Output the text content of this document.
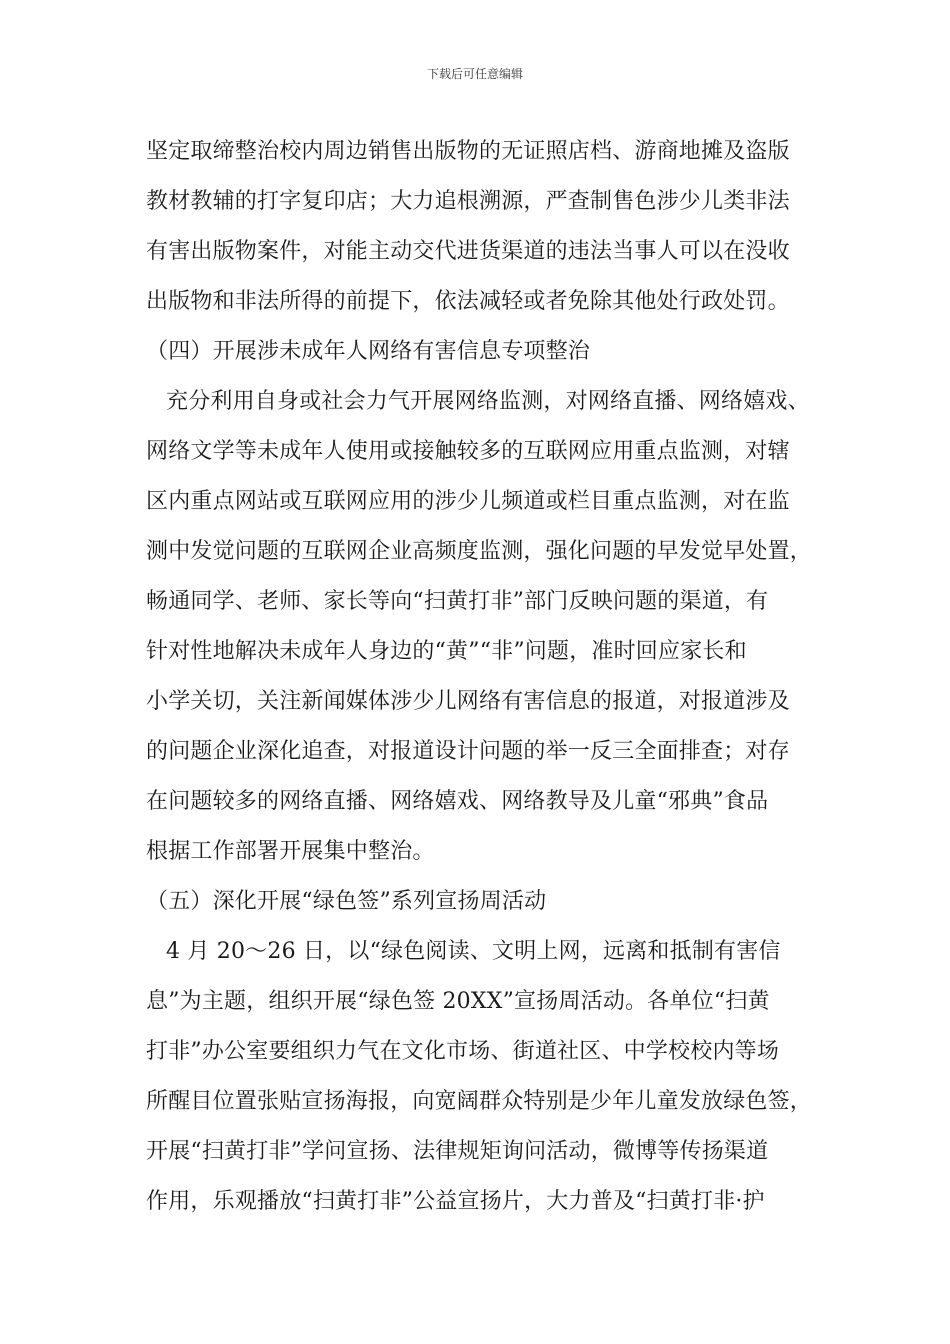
下载后可任意编辑
坚定取缔整治校内周边销售出版物的无证照店档、游商地摊及盗版
教材教辅的打字复印店；大力追根溯源，严查制售色涉少儿类非法
有害出版物案件，对能主动交代进货渠道的违法当事人可以在没收
出版物和非法所得的前提下，依法减轻或者免除其他处行政处罚。
（四）开展涉未成年人网络有害信息专项整治
充分利用自身或社会力气开展网络监测，对网络直播、网络嬉戏、
网络文学等未成年人使用或接触较多的互联网应用重点监测，对辖
区内重点网站或互联网应用的涉少儿频道或栏目重点监测，对在监
测中发觉问题的互联网企业高频度监测，强化问题的早发觉早处置，
畅通同学、老师、家长等向“扫黄打非”部门反映问题的渠道，有
针对性地解决未成年人身边的“黄”“非”问题，准时回应家长和
小学关切，关注新闻媒体涉少儿网络有害信息的报道，对报道涉及
的问题企业深化追查，对报道设计问题的举一反三全面排查；对存
在问题较多的网络直播、网络嬉戏、网络教导及儿童“邪典”食品
根据工作部署开展集中整治。
（五）深化开展“绿色签”系列宣扬周活动
4 月 20～26 日，以“绿色阅读、文明上网，远离和抵制有害信
息”为主题，组织开展“绿色签 20XX”宣扬周活动。各单位“扫黄
打非”办公室要组织力气在文化市场、街道社区、中学校校内等场
所醒目位置张贴宣扬海报，向宽阔群众特别是少年儿童发放绿色签，
开展“扫黄打非”学问宣扬、法律规矩询问活动，微博等传扬渠道
作用，乐观播放“扫黄打非”公益宣扬片，大力普及“扫黄打非·护
